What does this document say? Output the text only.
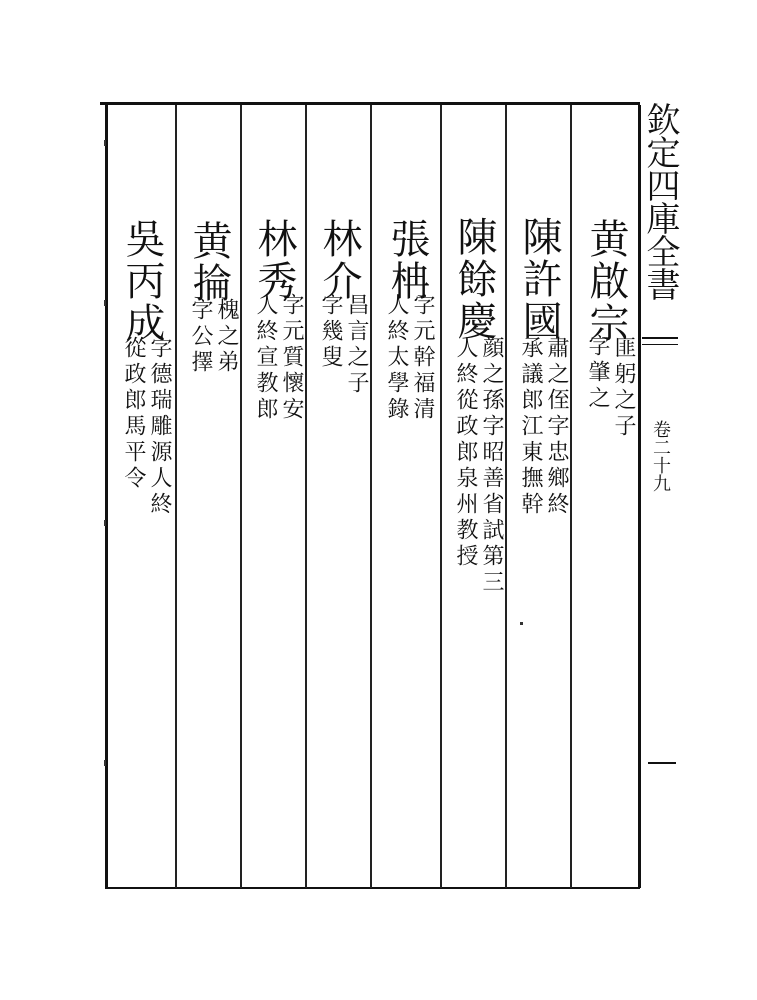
欽定四庫全書
卷二十九
黄啟宗
匪躬之子
字肇之
陳許國
肅之侄字忠鄉終
承議郎江東撫幹
陳餘慶
顔之孫字昭善省試第三
人終從政郎泉州教授
張柟
字元幹福清
人終太學錄
林介
昌言之子
字幾叟
林秀
字元質懷安
人終宣教郎
黄掄
槐之弟
字公擇
吳丙成
字德瑞雕源人終
從政郎馬平令
